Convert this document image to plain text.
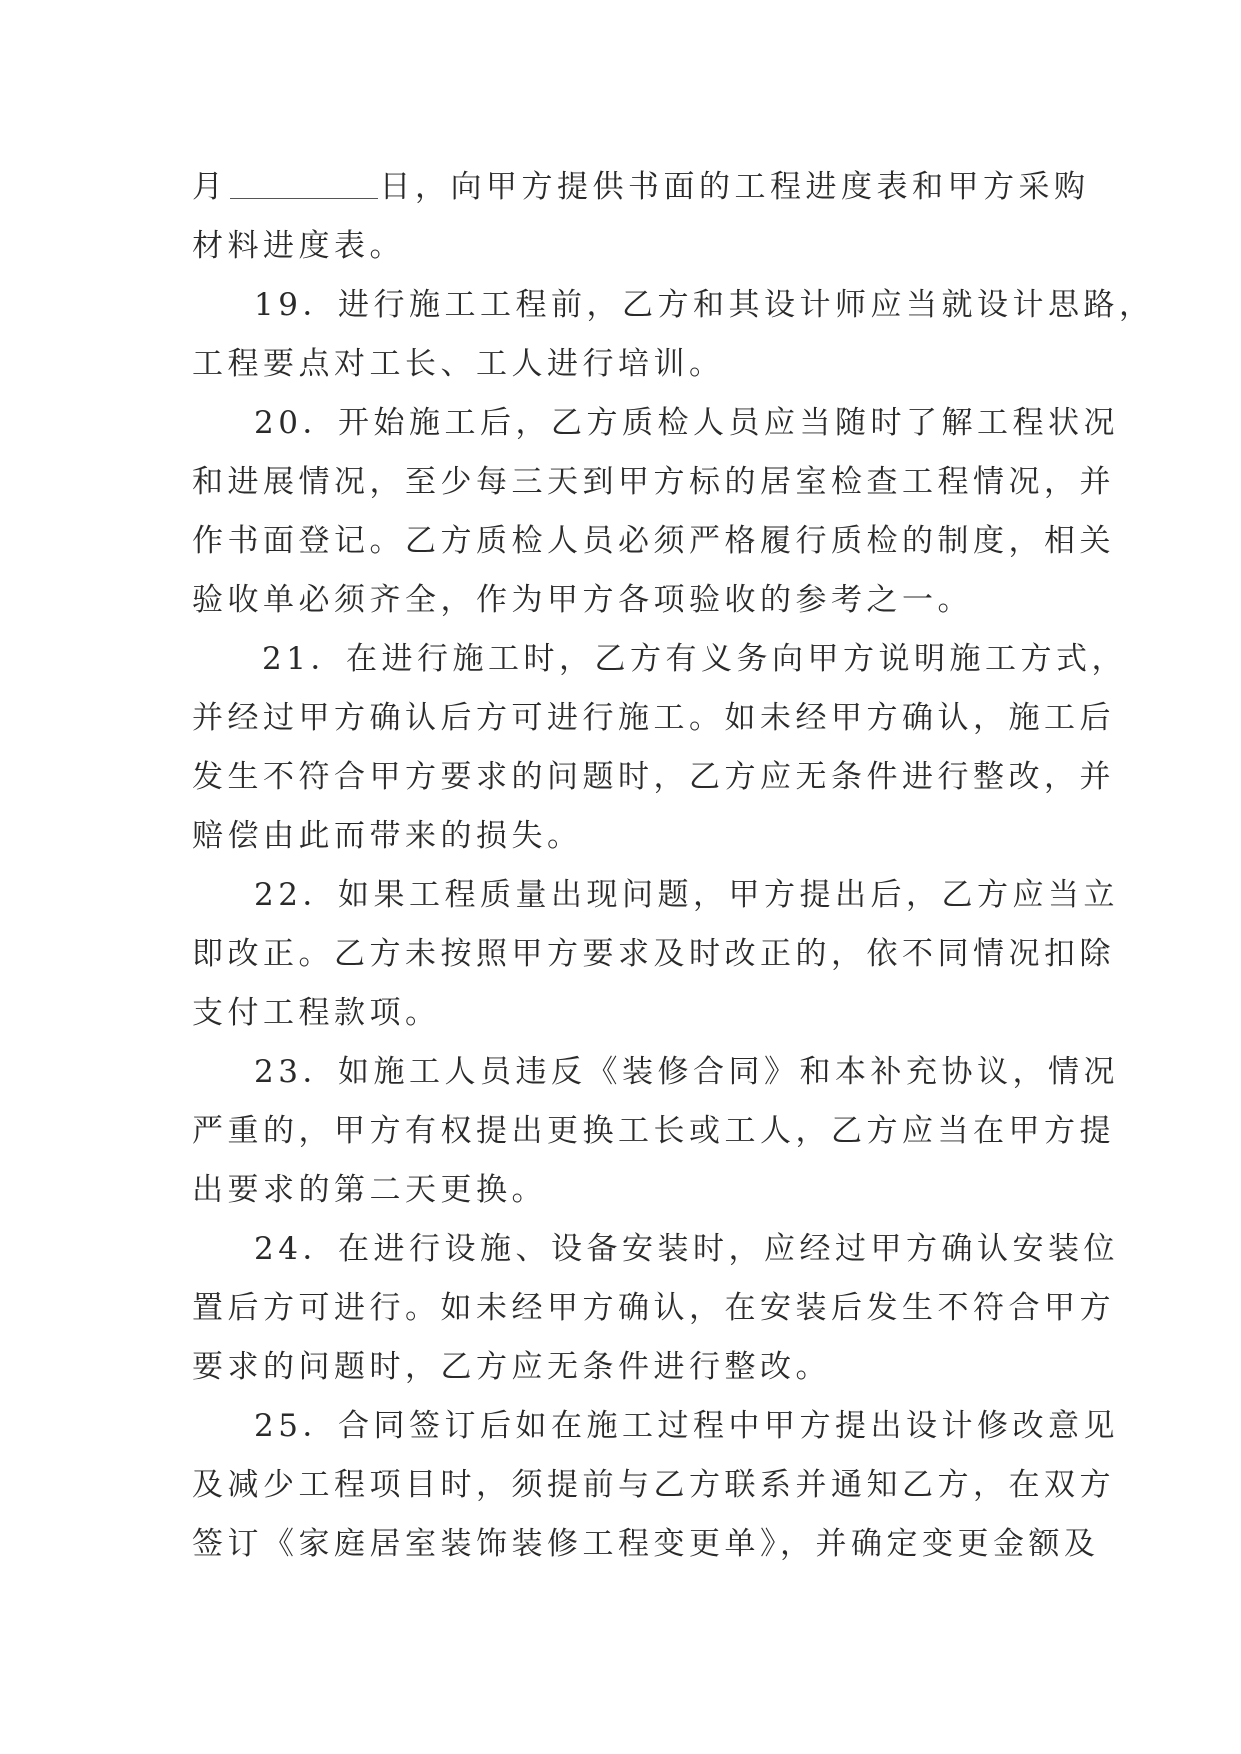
月	日，向甲方提供书面的工程进度表和甲方采购
材料进度表。
19．进行施工工程前，乙方和其设计师应当就设计思路，
工程要点对工长、工人进行培训。
20．开始施工后，乙方质检人员应当随时了解工程状况
和进展情况，至少每三天到甲方标的居室检查工程情况，并
作书面登记。乙方质检人员必须严格履行质检的制度，相关
验收单必须齐全，作为甲方各项验收的参考之一。
21．在进行施工时，乙方有义务向甲方说明施工方式，
并经过甲方确认后方可进行施工。如未经甲方确认，施工后
发生不符合甲方要求的问题时，乙方应无条件进行整改，并
赔偿由此而带来的损失。
22．如果工程质量出现问题，甲方提出后，乙方应当立
即改正。乙方未按照甲方要求及时改正的，依不同情况扣除
支付工程款项。
23．如施工人员违反《装修合同》和本补充协议，情况
严重的，甲方有权提出更换工长或工人，乙方应当在甲方提
出要求的第二天更换。
24．在进行设施、设备安装时，应经过甲方确认安装位
置后方可进行。如未经甲方确认，在安装后发生不符合甲方
要求的问题时，乙方应无条件进行整改。
25．合同签订后如在施工过程中甲方提出设计修改意见
及减少工程项目时，须提前与乙方联系并通知乙方，在双方
签订《家庭居室装饰装修工程变更单》，并确定变更金额及
